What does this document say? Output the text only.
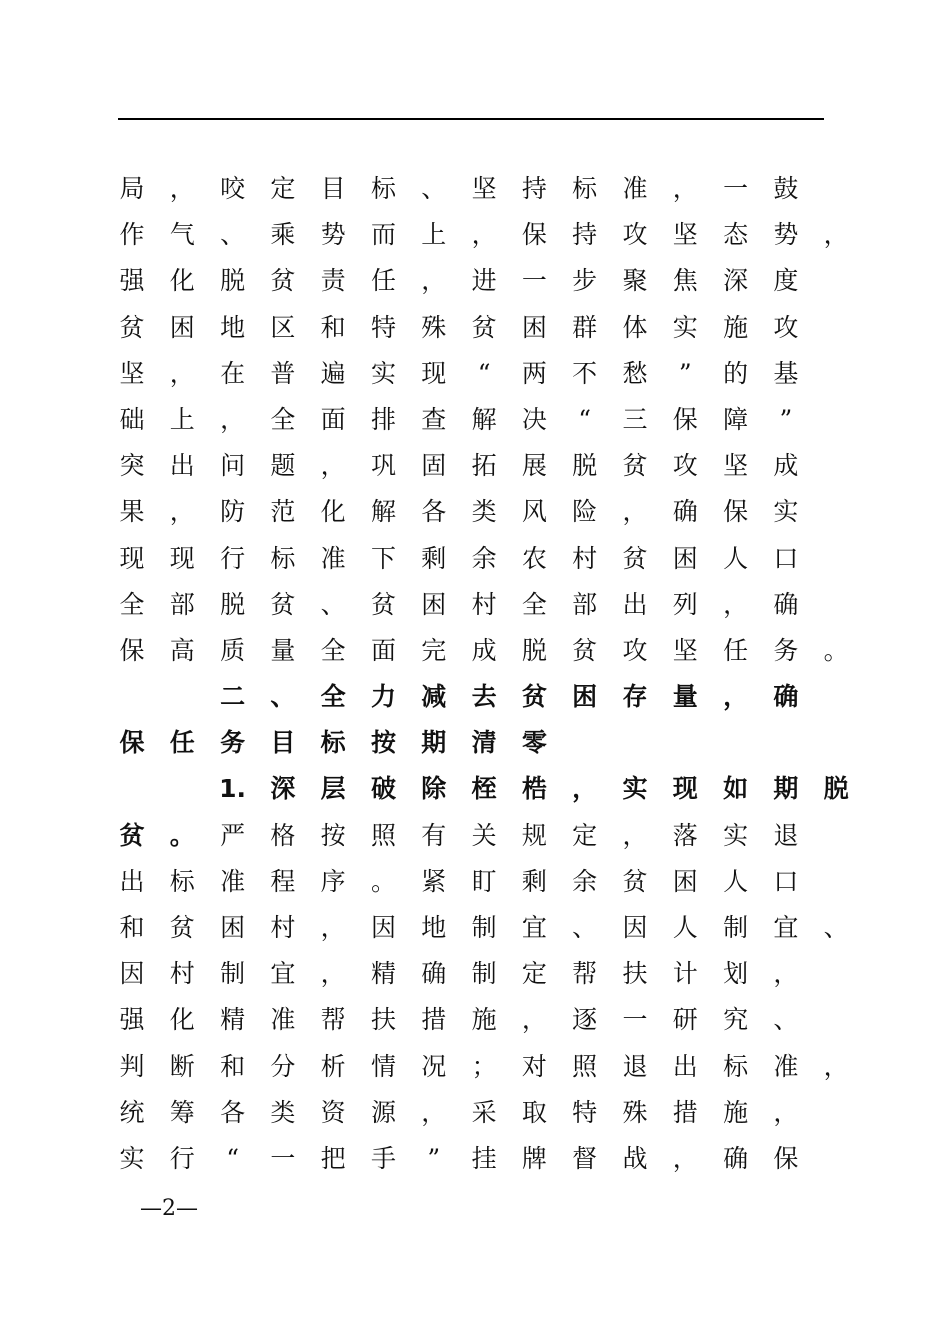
局 ， 咬 定 目 标 、 坚 持 标 准 ， 一 鼓
作 气 、 乘 势 而 上 ， 保 持 攻 坚 态 势 ，
强 化 脱 贫 责 任 ， 进 一 步 聚 焦 深 度
贫 困 地 区 和 特 殊 贫 困 群 体 实 施 攻
坚 ， 在 普 遍 实 现	“	两 不 愁	”	的 基
础 上 ， 全 面 排 查 解 决	“	三 保 障	”
突 出 问 题 ， 巩 固 拓 展 脱 贫 攻 坚 成
果 ， 防 范 化 解 各 类 风 险 ， 确 保 实
现 现 行 标 准 下 剩 余 农 村 贫 困 人 口
全 部 脱 贫 、 贫 困 村 全 部 出 列 ， 确
保 高 质 量 全 面 完 成 脱 贫 攻 坚 任 务 。
二 、 全 力 减 去 贫 困 存 量 ， 确
保 任 务 目 标 按 期 清 零
1. 深 层 破 除 桎 梏 ， 实 现 如 期 脱
贫 。 严 格 按 照 有 关 规 定 ， 落 实 退
出 标 准 程 序 。 紧 盯 剩 余 贫 困 人 口
和 贫 困 村 ， 因 地 制 宜 、 因 人 制 宜 、
因 村 制 宜 ， 精 确 制 定 帮 扶 计 划 ，
强 化 精 准 帮 扶 措 施 ， 逐 一 研 究 、
判 断 和 分 析 情 况 ； 对 照 退 出 标 准 ，
统 筹 各 类 资 源 ， 采 取 特 殊 措 施 ，
实 行	“	一 把 手	”	挂 牌 督 战 ， 确 保
—2—
